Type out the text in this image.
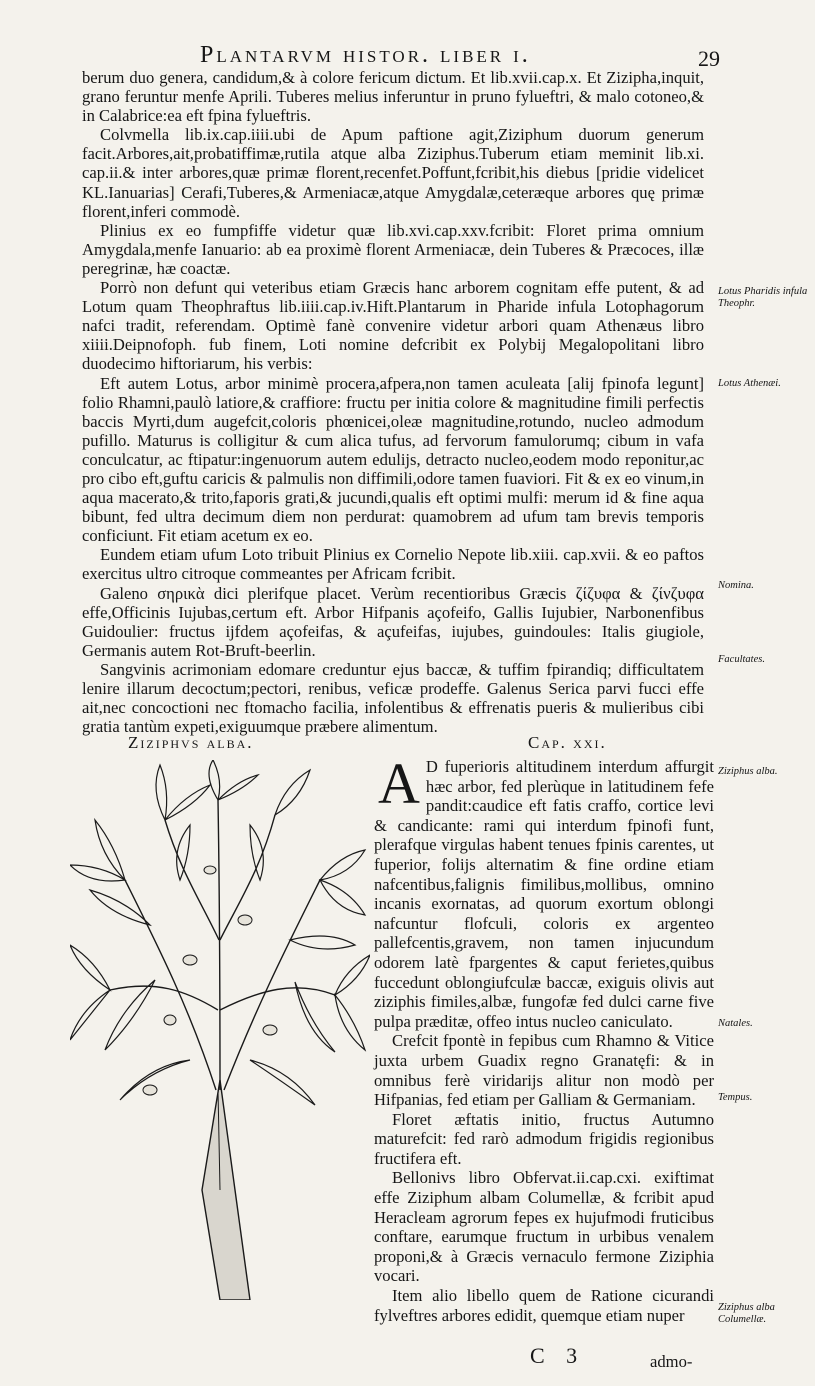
Plantarvm histor. liber i.	29

berum duo genera, candidum,& à colore fericum dictum. Et lib.xvii.cap.x. Et Zizipha,inquit, grano feruntur menfe Aprili. Tuberes melius inferuntur in pruno fylueftri, & malo cotoneo,& in Calabrice:ea eft fpina fylueftris.

Colvmella lib.ix.cap.iiii.ubi de Apum paftione agit,Ziziphum duorum generum facit.Arbores,ait,probatiffimæ,rutila atque alba Ziziphus.Tuberum etiam meminit lib.xi. cap.ii.& inter arbores,quæ primæ florent,recenfet.Poffunt,fcribit,his diebus [pridie videlicet KL.Ianuarias] Cerafi,Tuberes,& Armeniacæ,atque Amygdalæ,ceteræque arbores quę primæ florent,inferi commodè.

Plinius ex eo fumpfiffe videtur quæ lib.xvi.cap.xxv.fcribit: Floret prima omnium Amygdala,menfe Ianuario: ab ea proximè florent Armeniacæ, dein Tuberes & Præcoces, illæ peregrinæ, hæ coactæ.

Porrò non defunt qui veteribus etiam Græcis hanc arborem cognitam effe putent, & ad Lotum quam Theophraftus lib.iiii.cap.iv.Hift.Plantarum in Pharide infula Lotophagorum nafci tradit, referendam. Optimè fanè convenire videtur arbori quam Athenæus libro xiiii.Deipnofoph. fub finem, Loti nomine defcribit ex Polybij Megalopolitani libro duodecimo hiftoriarum, his verbis:

Eft autem Lotus, arbor minimè procera,afpera,non tamen aculeata [alij fpinofa legunt] folio Rhamni,paulò latiore,& craffiore: fructu per initia colore & magnitudine fimili perfectis baccis Myrti,dum augefcit,coloris phœnicei,oleæ magnitudine,rotundo, nucleo admodum pufillo. Maturus is colligitur & cum alica tufus, ad fervorum famulorumq; cibum in vafa conculcatur, ac ftipatur:ingenuorum autem edulijs, detracto nucleo,eodem modo reponitur,ac pro cibo eft,guftu caricis & palmulis non diffimili,odore tamen fuaviori. Fit & ex eo vinum,in aqua macerato,& trito,faporis grati,& jucundi,qualis eft optimi mulfi: merum id & fine aqua bibunt, fed ultra decimum diem non perdurat: quamobrem ad ufum tam brevis temporis conficiunt. Fit etiam acetum ex eo.

Eundem etiam ufum Loto tribuit Plinius ex Cornelio Nepote lib.xiii. cap.xvii. & eo paftos exercitus ultro citroque commeantes per Africam fcribit.

Galeno σηρικὰ dici plerifque placet. Verùm recentioribus Græcis ζίζυφα & ζίνζυφα effe,Officinis Iujubas,certum eft. Arbor Hifpanis açofeifo, Gallis Iujubier, Narbonenfibus Guidoulier: fructus ijfdem açofeifas, & açufeifas, iujubes, guindoules: Italis giugiole, Germanis autem Rot-Bruft-beerlin.

Sangvinis acrimoniam edomare creduntur ejus baccæ, & tuffim fpirandiq; difficultatem lenire illarum decoctum;pectori, renibus, veficæ prodeffe. Galenus Serica parvi fucci effe ait,nec concoctioni nec ftomacho facilia, infolentibus & effrenatis pueris & mulieribus cibi gratia tantùm expeti,exiguumque præbere alimentum.

Lotus Pharidis infula Theophr.
Lotus Athenæi.
Nomina.
Facultates.
Ziziphus alba.
Natales.
Tempus.
Ziziphus alba Columellæ.
Ziziphvs alba.	Cap. xxi.

A D fuperioris altitudinem interdum affurgit hæc arbor, fed plerùque in latitudinem fefe pandit:caudice eft fatis craffo, cortice levi & candicante: rami qui interdum fpinofi funt, plerafque virgulas habent tenues fpinis carentes, ut fuperior, folijs alternatim & fine ordine etiam nafcentibus,falignis fimilibus,mollibus, omnino incanis exornatas, ad quorum exortum oblongi nafcuntur flofculi, coloris ex argenteo pallefcentis,gravem, non tamen injucundum odorem latè fpargentes & caput ferietes,quibus fuccedunt oblongiufculæ baccæ, exiguis olivis aut ziziphis fimiles,albæ, fungofæ fed dulci carne five pulpa præditæ, offeo intus nucleo caniculato.

Crefcit fpontè in fepibus cum Rhamno & Vitice juxta urbem Guadix regno Granatęfi: & in omnibus ferè viridarijs alitur non modò per Hifpanias, fed etiam per Galliam & Germaniam.

Floret æftatis initio, fructus Autumno maturefcit: fed rarò admodum frigidis regionibus fructifera eft.

Bellonivs libro Obfervat.ii.cap.cxi. exiftimat effe Ziziphum albam Columellæ, & fcribit apud Heracleam agrorum fepes ex hujufmodi fruticibus conftare, earumque fructum in urbibus venalem proponi,& à Græcis vernaculo fermone Ziziphia vocari.

Item alio libello quem de Ratione cicurandi fylveftres arbores edidit, quemque etiam nuper

C 3	admo-
